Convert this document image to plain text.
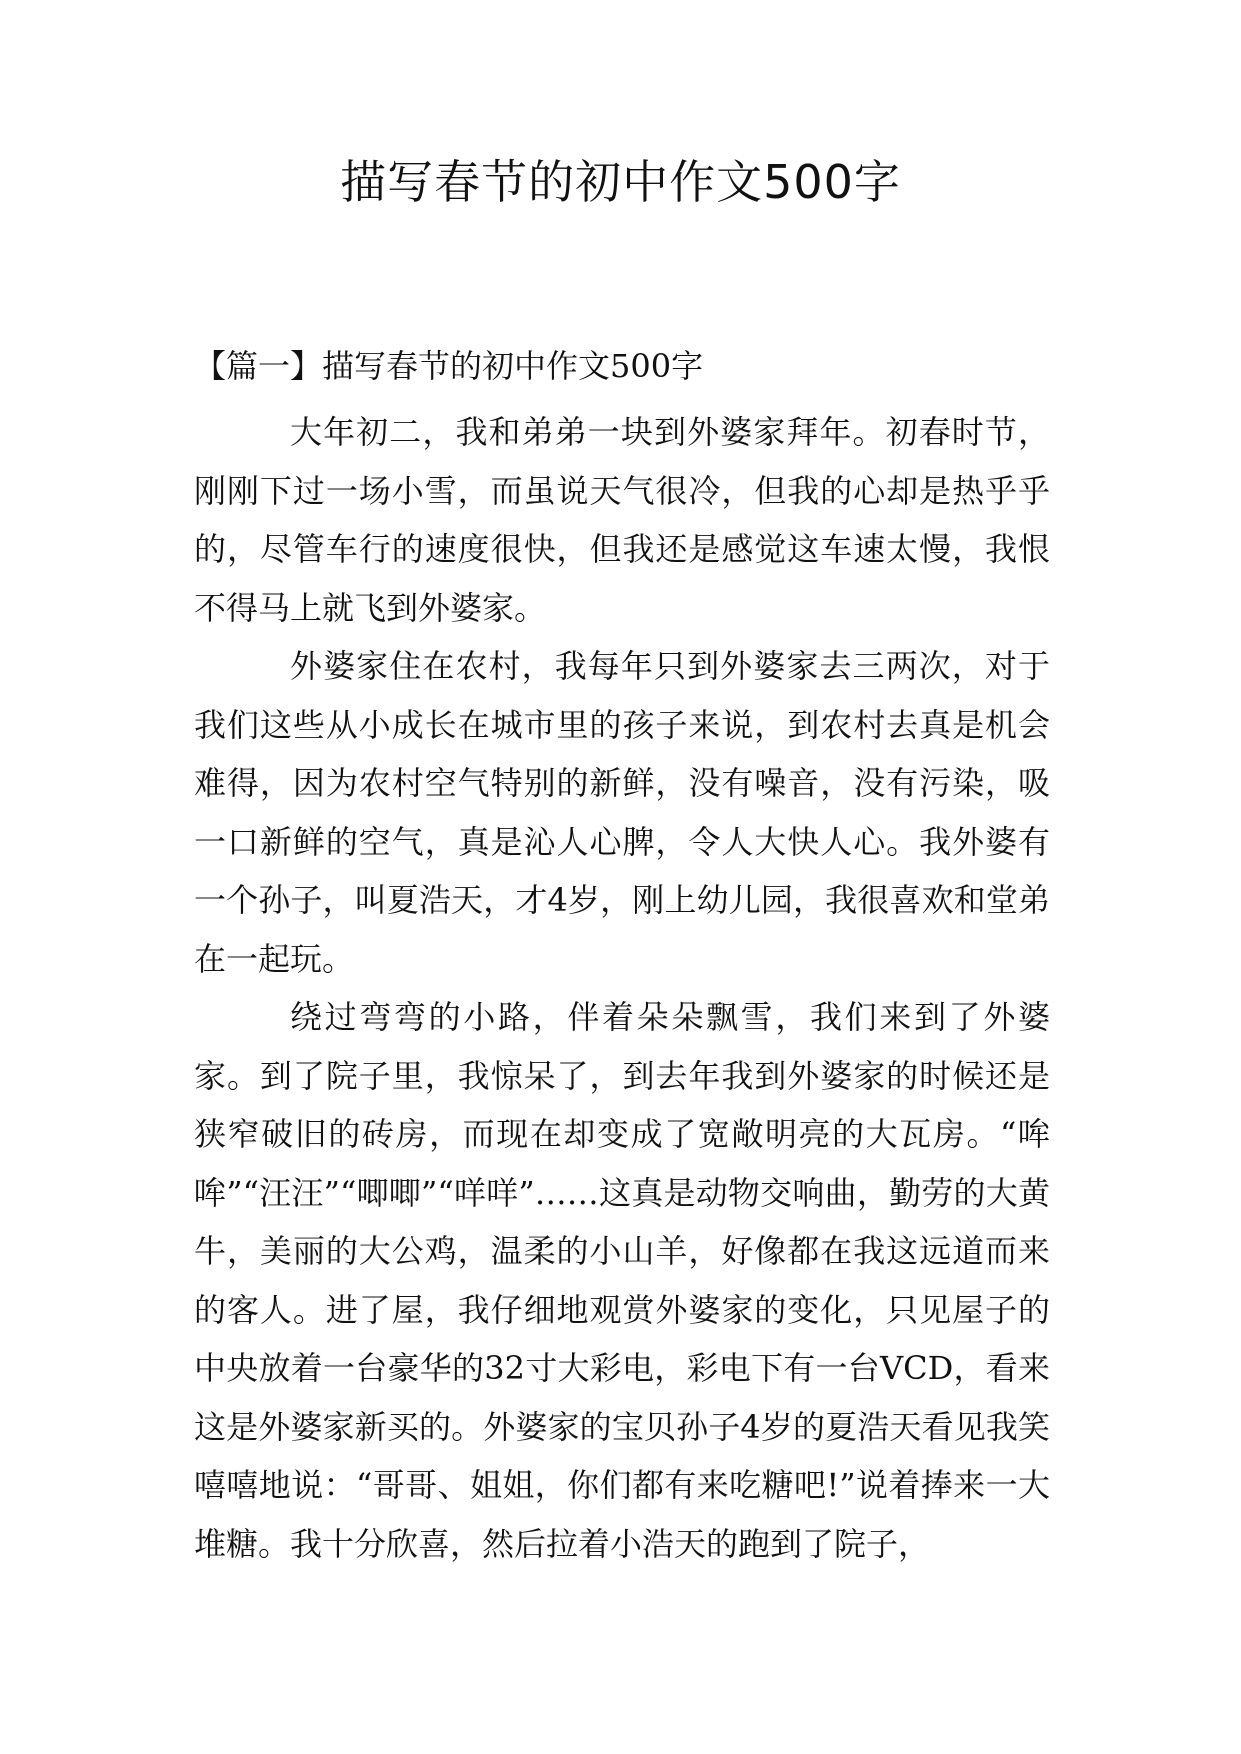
描写春节的初中作文500字
【篇一】描写春节的初中作文500字

大年初二，我和弟弟一块到外婆家拜年。初春时节，刚刚下过一场小雪，而虽说天气很冷，但我的心却是热乎乎的，尽管车行的速度很快，但我还是感觉这车速太慢，我恨不得马上就飞到外婆家。

外婆家住在农村，我每年只到外婆家去三两次，对于我们这些从小成长在城市里的孩子来说，到农村去真是机会难得，因为农村空气特别的新鲜，没有噪音，没有污染，吸一口新鲜的空气，真是沁人心脾，令人大快人心。我外婆有一个孙子，叫夏浩天，才4岁，刚上幼儿园，我很喜欢和堂弟在一起玩。

绕过弯弯的小路，伴着朵朵飘雪，我们来到了外婆家。到了院子里，我惊呆了，到去年我到外婆家的时候还是狭窄破旧的砖房，而现在却变成了宽敞明亮的大瓦房。“哞哞”“汪汪”“唧唧”“咩咩”……这真是动物交响曲，勤劳的大黄牛，美丽的大公鸡，温柔的小山羊，好像都在我这远道而来的客人。进了屋，我仔细地观赏外婆家的变化，只见屋子的中央放着一台豪华的32寸大彩电，彩电下有一台VCD，看来这是外婆家新买的。外婆家的宝贝孙子4岁的夏浩天看见我笑嘻嘻地说：“哥哥、姐姐，你们都有来吃糖吧!”说着捧来一大堆糖。我十分欣喜，然后拉着小浩天的跑到了院子，
